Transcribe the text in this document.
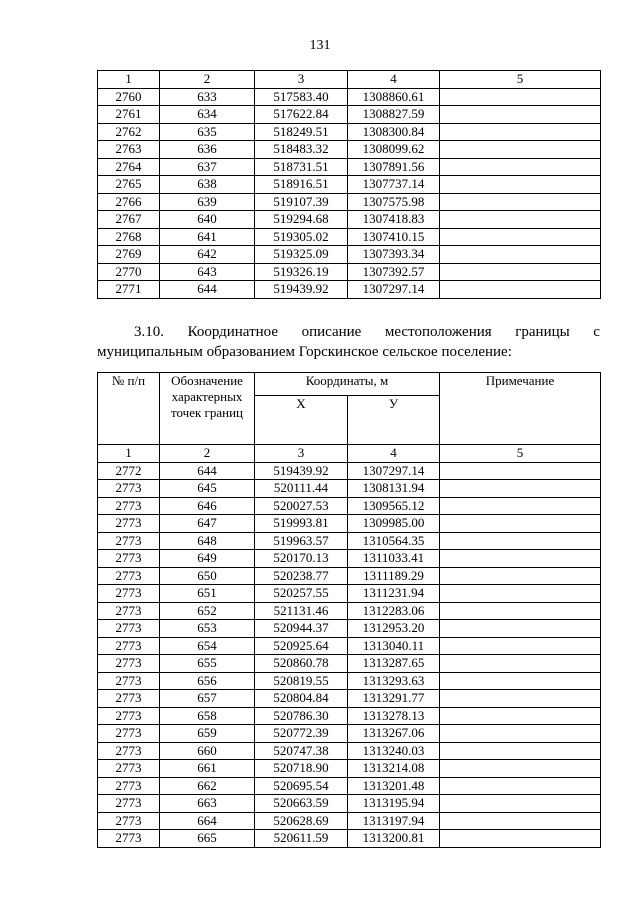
131
1	2	3	4	5
2760	633	517583.40	1308860.61	
2761	634	517622.84	1308827.59	
2762	635	518249.51	1308300.84	
2763	636	518483.32	1308099.62	
2764	637	518731.51	1307891.56	
2765	638	518916.51	1307737.14	
2766	639	519107.39	1307575.98	
2767	640	519294.68	1307418.83	
2768	641	519305.02	1307410.15	
2769	642	519325.09	1307393.34	
2770	643	519326.19	1307392.57	
2771	644	519439.92	1307297.14	
3.10. Координатное описание местоположения границы с
муниципальным образованием Горскинское сельское поселение:
№ п/п	Обозначение характерных точек границ	Координаты, м		Примечание
		Х	У	
1	2	3	4	5
2772	644	519439.92	1307297.14	
2773	645	520111.44	1308131.94	
2773	646	520027.53	1309565.12	
2773	647	519993.81	1309985.00	
2773	648	519963.57	1310564.35	
2773	649	520170.13	1311033.41	
2773	650	520238.77	1311189.29	
2773	651	520257.55	1311231.94	
2773	652	521131.46	1312283.06	
2773	653	520944.37	1312953.20	
2773	654	520925.64	1313040.11	
2773	655	520860.78	1313287.65	
2773	656	520819.55	1313293.63	
2773	657	520804.84	1313291.77	
2773	658	520786.30	1313278.13	
2773	659	520772.39	1313267.06	
2773	660	520747.38	1313240.03	
2773	661	520718.90	1313214.08	
2773	662	520695.54	1313201.48	
2773	663	520663.59	1313195.94	
2773	664	520628.69	1313197.94	
2773	665	520611.59	1313200.81	
